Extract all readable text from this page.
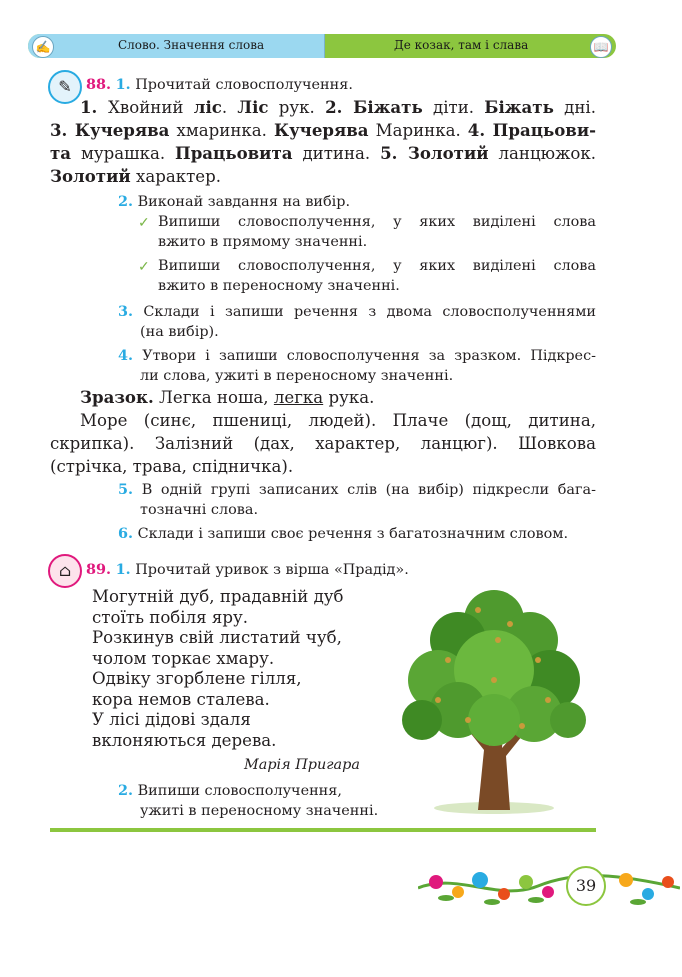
✍	Слово. Значення слова	Де козак, там і слава	📖
✎ 88. 1. Прочитай словосполучення.
1. Хвойний ліс. Ліс рук. 2. Біжать діти. Біжать дні.
3. Кучерява хмаринка. Кучерява Маринка. 4. Працьови-
та мурашка. Працьовита дитина. 5. Золотий ланцюжок.
Золотий характер.
2. Виконай завдання на вибір.
✓ Випиши словосполучення, у яких виділені слова
вжито в прямому значенні.
✓ Випиши словосполучення, у яких виділені слова
вжито в переносному значенні.
3. Склади і запиши речення з двома словосполученнями
(на вибір).
4. Утвори і запиши словосполучення за зразком. Підкрес-
ли слова, ужиті в переносному значенні.
Зразок. Легка ноша, легка рука.
Море (синє, пшениці, людей). Плаче (дощ, дитина,
скрипка). Залізний (дах, характер, ланцюг). Шовкова
(стрічка, трава, спідничка).
5. В одній групі записаних слів (на вибір) підкресли бага-
тозначні слова.
6. Склади і запиши своє речення з багатозначним словом.
⌂	89. 1. Прочитай уривок з вірша «Прадід».
Могутній дуб, прадавній дуб
стоїть побіля яру.
Розкинув свій листатий чуб,
чолом торкає хмару.
Одвіку згорблене гілля,
кора немов сталева.
У лісі дідові здаля
вклоняються дерева.
Марія Пригара
2. Випиши словосполучення,
ужиті в переносному значенні.
39
